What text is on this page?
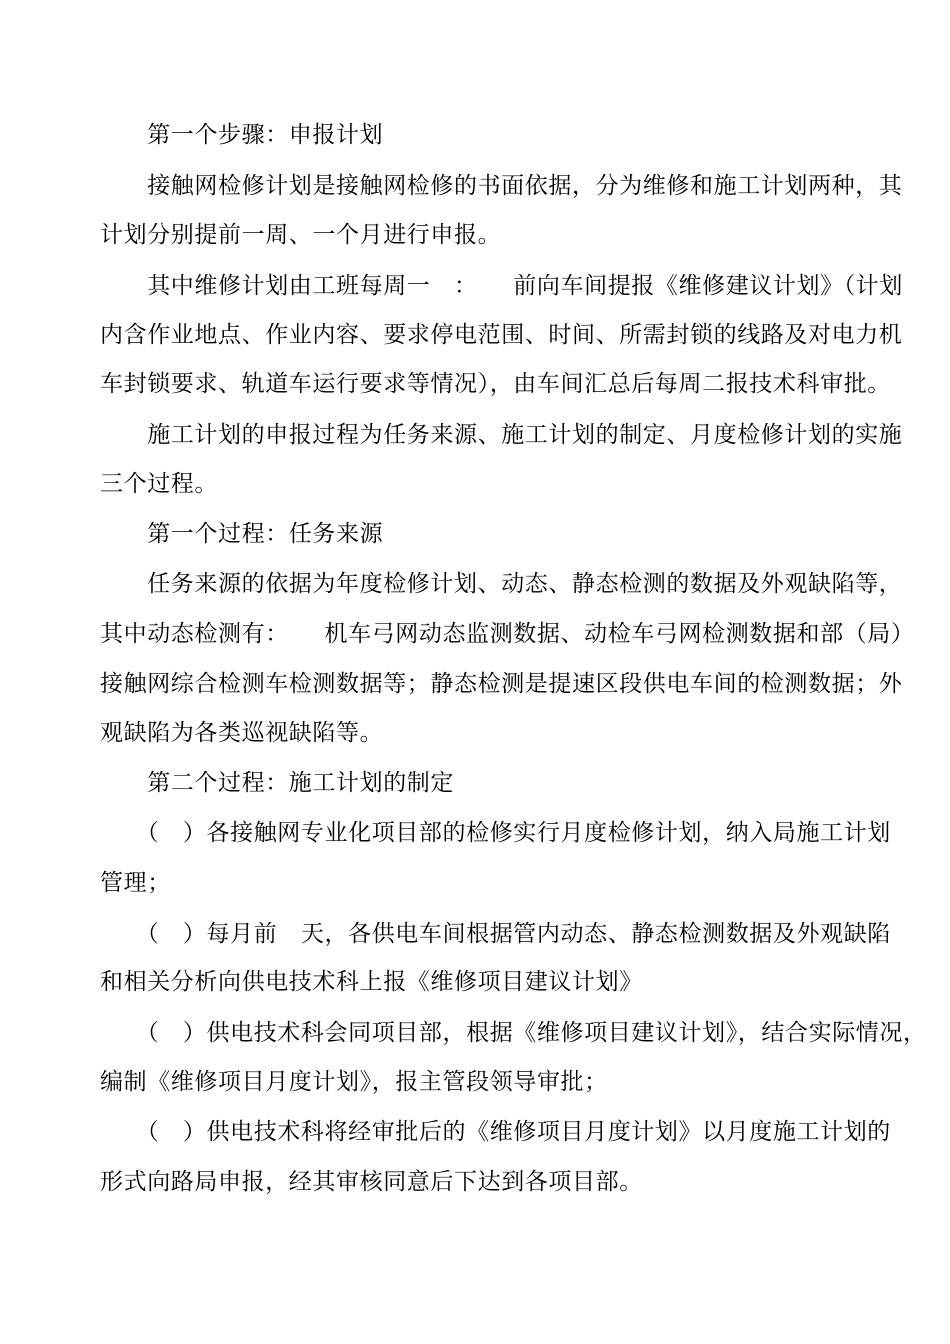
　　第一个步骤：申报计划
　　接触网检修计划是接触网检修的书面依据，分为维修和施工计划两种，其
计划分别提前一周、一个月进行申报。
　　其中维修计划由工班每周一　：　　前向车间提报《维修建议计划》（计划
内含作业地点、作业内容、要求停电范围、时间、所需封锁的线路及对电力机
车封锁要求、轨道车运行要求等情况），由车间汇总后每周二报技术科审批。
　　施工计划的申报过程为任务来源、施工计划的制定、月度检修计划的实施
三个过程。
　　第一个过程：任务来源
　　任务来源的依据为年度检修计划、动态、静态检测的数据及外观缺陷等，
其中动态检测有：　　机车弓网动态监测数据、动检车弓网检测数据和部（局）
接触网综合检测车检测数据等；静态检测是提速区段供电车间的检测数据；外
观缺陷为各类巡视缺陷等。
　　第二个过程：施工计划的制定
　　（　）各接触网专业化项目部的检修实行月度检修计划，纳入局施工计划
管理；
　　（　）每月前　天，各供电车间根据管内动态、静态检测数据及外观缺陷
和相关分析向供电技术科上报《维修项目建议计划》
　　（　）供电技术科会同项目部，根据《维修项目建议计划》，结合实际情况，
编制《维修项目月度计划》，报主管段领导审批；
　　（　）供电技术科将经审批后的《维修项目月度计划》以月度施工计划的
形式向路局申报，经其审核同意后下达到各项目部。
